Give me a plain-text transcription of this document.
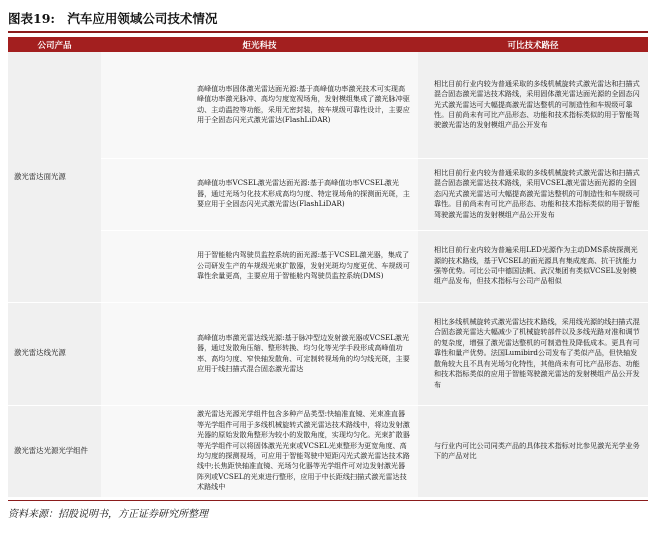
图表19: 汽车应用领域公司技术情况
公司产品	炬光科技	可比技术路径
激光雷达面光源	高峰值功率固体激光雷达面光源:基于高峰值功率激光技术可实现高峰值功率激光脉冲、高均匀度宽视场角，发射模组集成了激光脉冲驱动、主动温控等功能，采用无密封装，按车规级可靠性设计，主要应用于全固态闪光式激光雷达(FlashLiDAR)	相比目前行业内较为普通采取的多线机械旋转式激光雷达和扫描式混合固态激光雷达技术路线，采用固体激光雷达面光源的全固态闪光式激光雷达可大幅提高激光雷达整机的可制造性和车规级可靠性。目前尚未有可比产品形态、功能和技术指标类似的用于智能驾驶激光雷达的发射模组产品公开发布
	高峰值功率VCSEL激光雷达面光源:基于高峰值功率VCSEL激光器，通过光场匀化技术形成高均匀度、特定视场角的探测面光斑，主要应用于全固态闪光式激光雷达(FlashLiDAR)	相比目前行业内较为普通采取的多线机械旋转式激光雷达和扫描式混合固态激光雷达技术路线，采用VCSEL激光雷达面光源的全固态闪光式激光雷达可大幅提高激光雷达整机的可制造性和车规级可靠性。目前尚未有可比产品形态、功能和技术指标类似的用于智能驾驶激光雷达的发射模组产品公开发布
	用于智能舱内驾驶员监控系统的面光源:基于VCSEL激光器，集成了公司研发生产的车规级光束扩散器，发射光斑均匀度更优、车规级可靠性余量更高，主要应用于智能舱内驾驶员监控系统(DMS)	相比目前行业内较为普遍采用LED光源作为主动DMS系统探测光源的技术路线，基于VCSEL的面光源具有集成度高、抗干扰能力强等优势。可比公司中德国法帆、武汉集团有类似VCSEL发射模组产品发布，但技术指标与公司产品相似
激光雷达线光源	高峰值功率激光雷达线光源:基于脉冲型边发射激光器或VCSEL激光器，通过发散角压缩、整形转换、均匀化等光学手段形成高峰值功率、高均匀度、窄快轴发散角、可定制转视场角的均匀线光斑，主要应用于线扫描式混合固态激光雷达	相比多线机械旋转式激光雷达技术路线，采用线光源的线扫描式混合固态激光雷达大幅减少了机械旋转部件以及多线光路对准和调节的复杂度，增强了激光雷达整机的可制造性及降低成本。更具有可靠性和量产优势。法国Lumibird公司发布了类似产品，但快轴发散角较大且不具有光场匀化特性，其他尚未有可比产品形态、功能和技术指标类似的应用于智能驾驶激光雷达的发射模组产品公开发布
激光雷达光源光学组件	激光雷达光源光学组件包含多种产品类型:快轴准直镜、光束准直器等光学组件可用于多线机械旋转式激光雷达技术路线中，将边发射激光器的原始发散角整形为较小的发散角度，实现均匀化。光束扩散器等光学组件可以将固体激光光束或VCSEL光束整形为更宽角度、高均匀度的探测视场，可应用于智能驾驶中短距闪光式激光雷达技术路线中;长焦距快轴准直镜、光场匀化器等光学组件可对边发射激光器阵列或VCSEL的光束进行整形，应用于中长距线扫描式激光雷达技术路线中	与行业内可比公司同类产品的具体技术指标对比参见激光光学业务下的产品对比
资料来源：招股说明书，方正证券研究所整理
